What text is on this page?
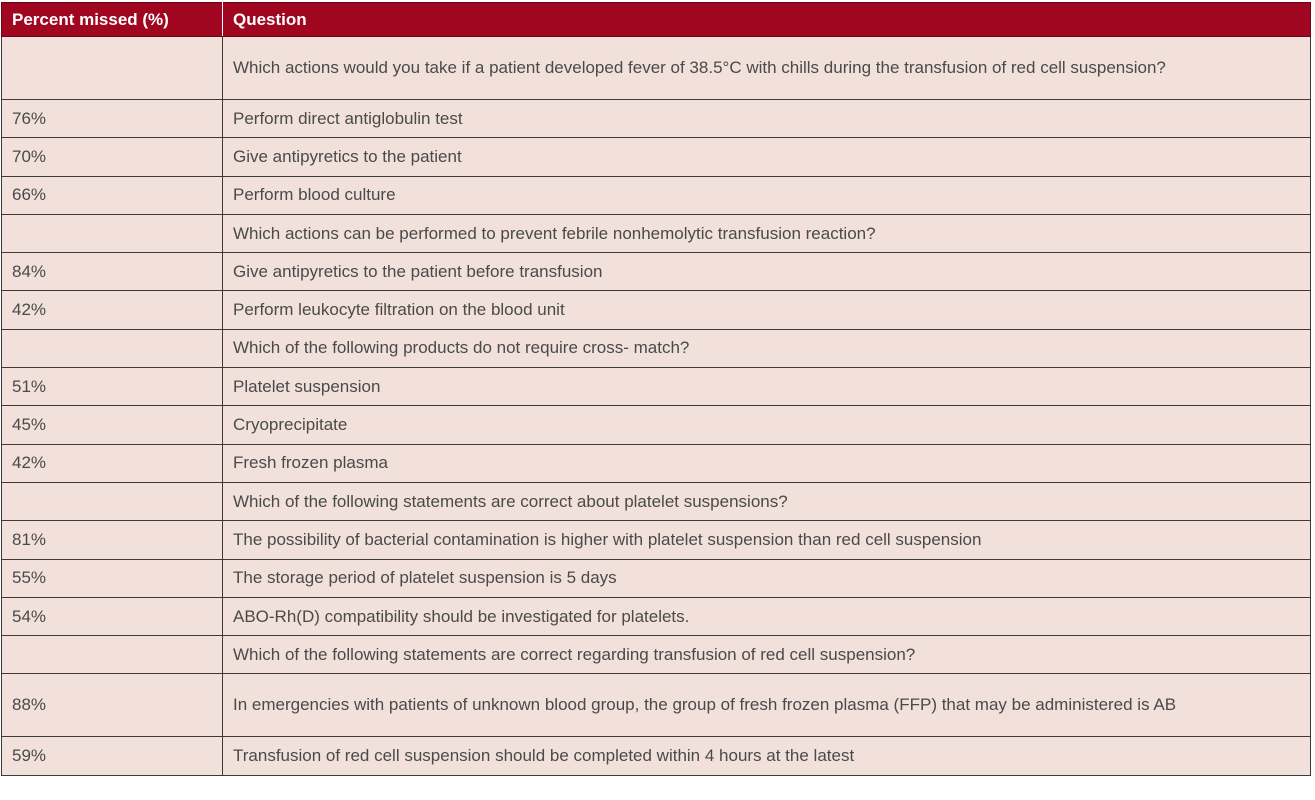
Percent missed (%)	Question
	Which actions would you take if a patient developed fever of 38.5°C with chills during the transfusion of red cell suspension?
76%	Perform direct antiglobulin test
70%	Give antipyretics to the patient
66%	Perform blood culture
	Which actions can be performed to prevent febrile nonhemolytic transfusion reaction?
84%	Give antipyretics to the patient before transfusion
42%	Perform leukocyte filtration on the blood unit
	Which of the following products do not require cross- match?
51%	Platelet suspension
45%	Cryoprecipitate
42%	Fresh frozen plasma
	Which of the following statements are correct about platelet suspensions?
81%	The possibility of bacterial contamination is higher with platelet suspension than red cell suspension
55%	The storage period of platelet suspension is 5 days
54%	ABO-Rh(D) compatibility should be investigated for platelets.
	Which of the following statements are correct regarding transfusion of red cell suspension?
88%	In emergencies with patients of unknown blood group, the group of fresh frozen plasma (FFP) that may be administered is AB
59%	Transfusion of red cell suspension should be completed within 4 hours at the latest
